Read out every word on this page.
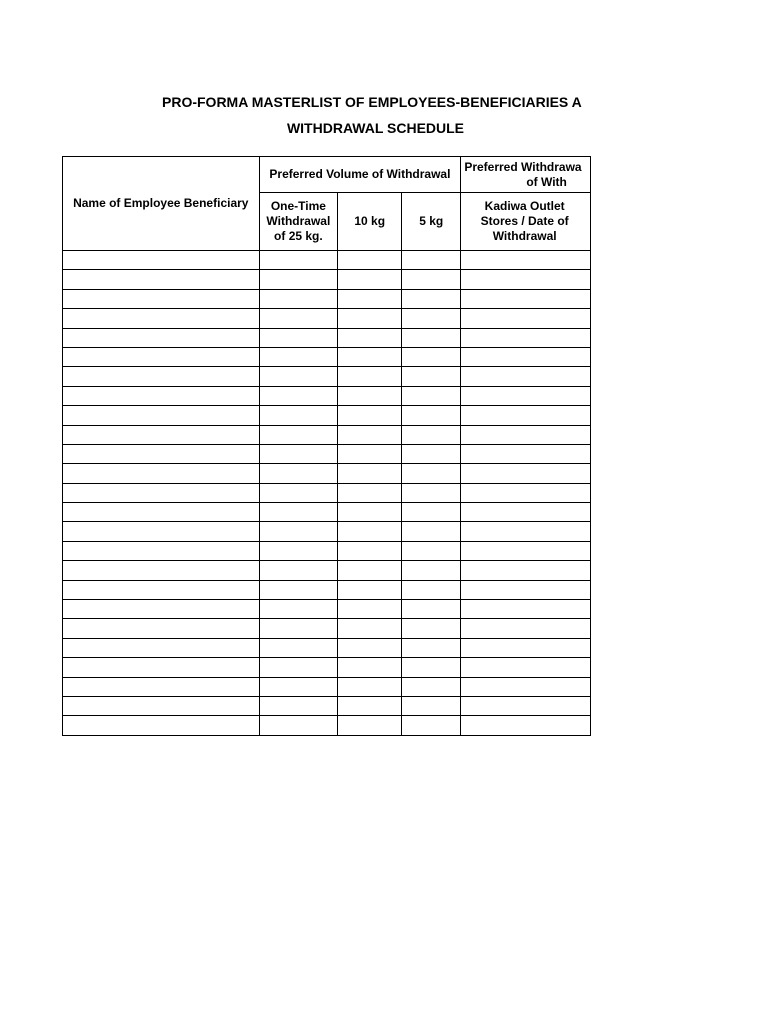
PRO-FORMA MASTERLIST OF EMPLOYEES-BENEFICIARIES A
WITHDRAWAL SCHEDULE
Name of Employee Beneficiary	Preferred Volume of Withdrawal			Preferred Withdrawa
of With

	One-Time Withdrawal of 25 kg.	10 kg	5 kg	Kadiwa Outlet Stores / Date of Withdrawal
